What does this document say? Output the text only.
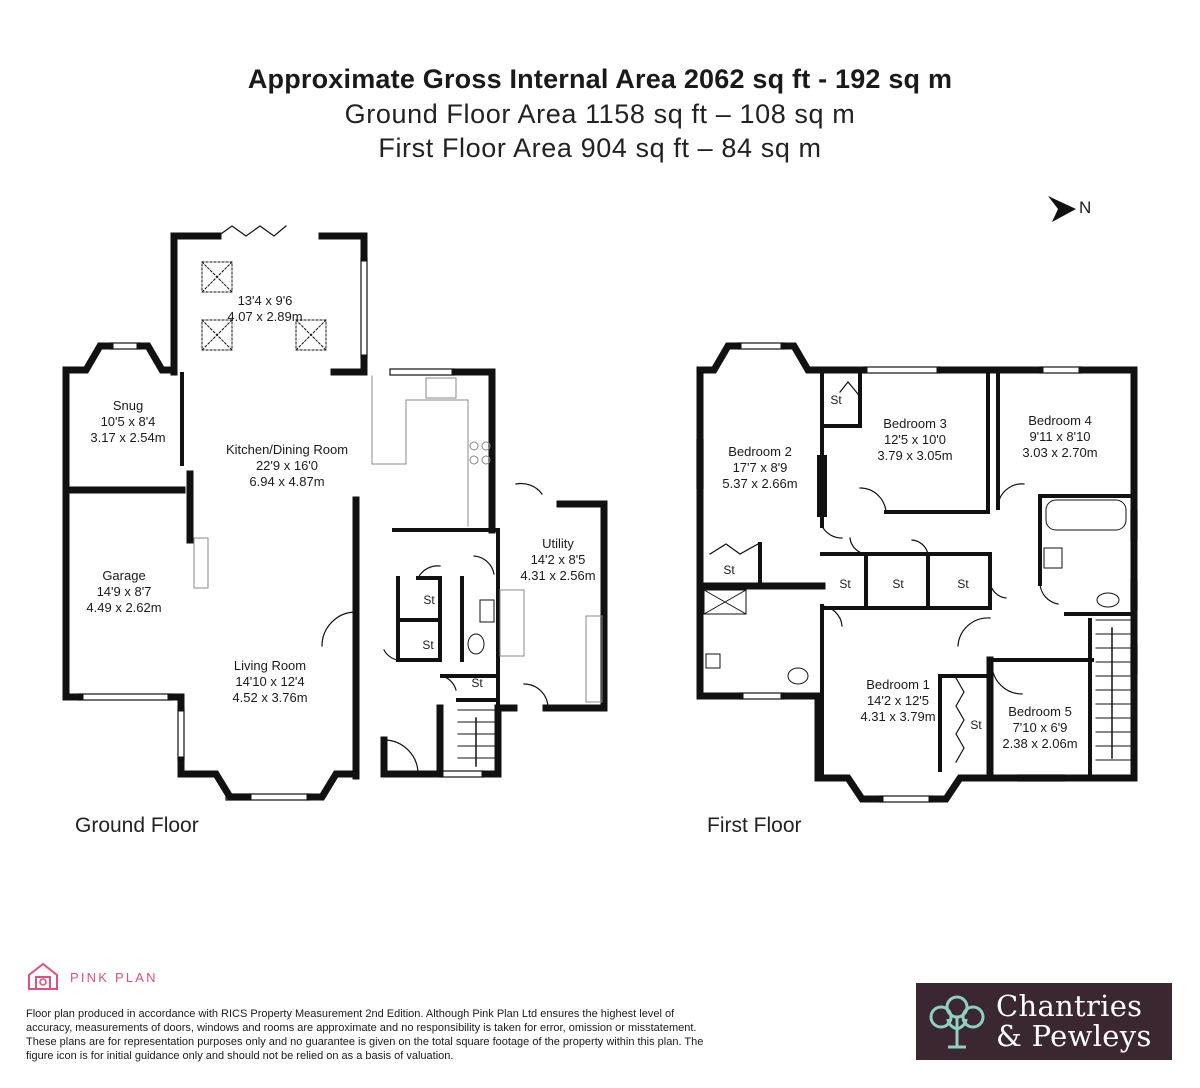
Approximate Gross Internal Area 2062 sq ft - 192 sq m
Ground Floor Area 1158 sq ft – 108 sq m
First Floor Area 904 sq ft – 84 sq m
N
13'4 x 9'6
4.07 x 2.89m
Snug
10'5 x 8'4
3.17 x 2.54m
Kitchen/Dining Room
22'9 x 16'0
6.94 x 4.87m
Garage
14'9 x 8'7
4.49 x 2.62m
Utility
14'2 x 8'5
4.31 x 2.56m
Living Room
14'10 x 12'4
4.52 x 3.76m
St
St
St
Bedroom 2
17'7 x 8'9
5.37 x 2.66m
Bedroom 3
12'5 x 10'0
3.79 x 3.05m
Bedroom 4
9'11 x 8'10
3.03 x 2.70m
Bedroom 1
14'2 x 12'5
4.31 x 3.79m	Bedroom 5
7'10 x 6'9
2.38 x 2.06m
St
St
St	St	St
St
Ground Floor	First Floor
PINK PLAN
Floor plan produced in accordance with RICS Property Measurement 2nd Edition. Although Pink Plan Ltd ensures the highest level of accuracy, measurements of doors, windows and rooms are approximate and no responsibility is taken for error, omission or misstatement. These plans are for representation purposes only and no guarantee is given on the total square footage of the property within this plan. The figure icon is for initial guidance only and should not be relied on as a basis of valuation.
Chantries
& Pewleys
